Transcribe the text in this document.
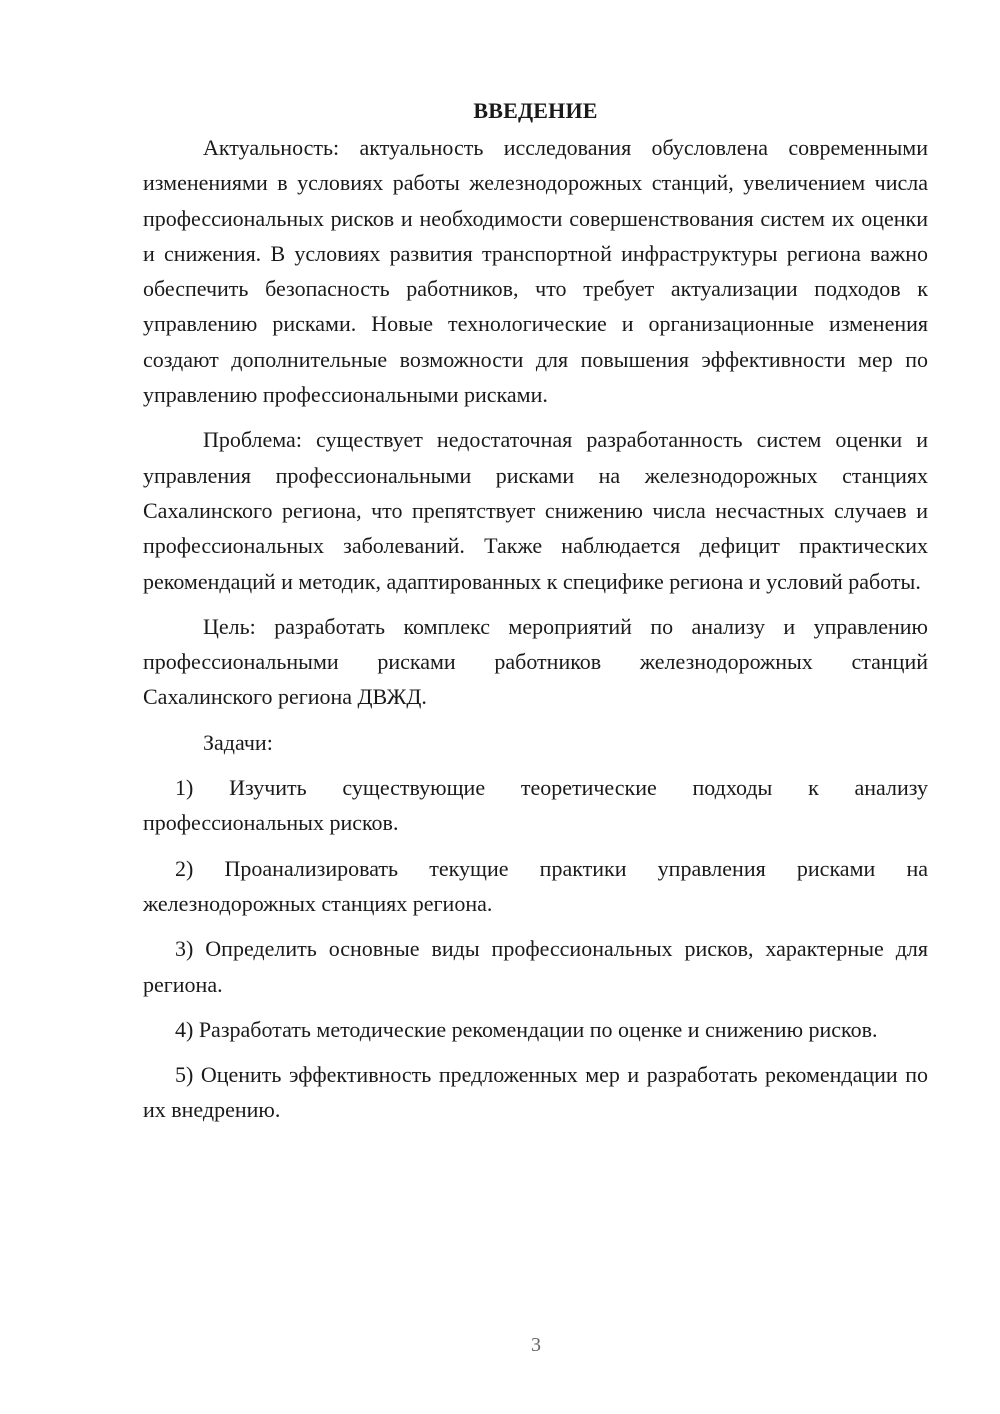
ВВЕДЕНИЕ

Актуальность: актуальность исследования обусловлена современными изменениями в условиях работы железнодорожных станций, увеличением числа профессиональных рисков и необходимости совершенствования систем их оценки и снижения. В условиях развития транспортной инфраструктуры региона важно обеспечить безопасность работников, что требует актуализации подходов к управлению рисками. Новые технологические и организационные изменения создают дополнительные возможности для повышения эффективности мер по управлению профессиональными рисками.

Проблема: существует недостаточная разработанность систем оценки и управления профессиональными рисками на железнодорожных станциях Сахалинского региона, что препятствует снижению числа несчастных случаев и профессиональных заболеваний. Также наблюдается дефицит практических рекомендаций и методик, адаптированных к специфике региона и условий работы.

Цель: разработать комплекс мероприятий по анализу и управлению профессиональными рисками работников железнодорожных станций Сахалинского региона ДВЖД.

Задачи:

1) Изучить существующие теоретические подходы к анализу профессиональных рисков.

2) Проанализировать текущие практики управления рисками на железнодорожных станциях региона.

3) Определить основные виды профессиональных рисков, характерные для региона.

4) Разработать методические рекомендации по оценке и снижению рисков.

5) Оценить эффективность предложенных мер и разработать рекомендации по их внедрению.

3
